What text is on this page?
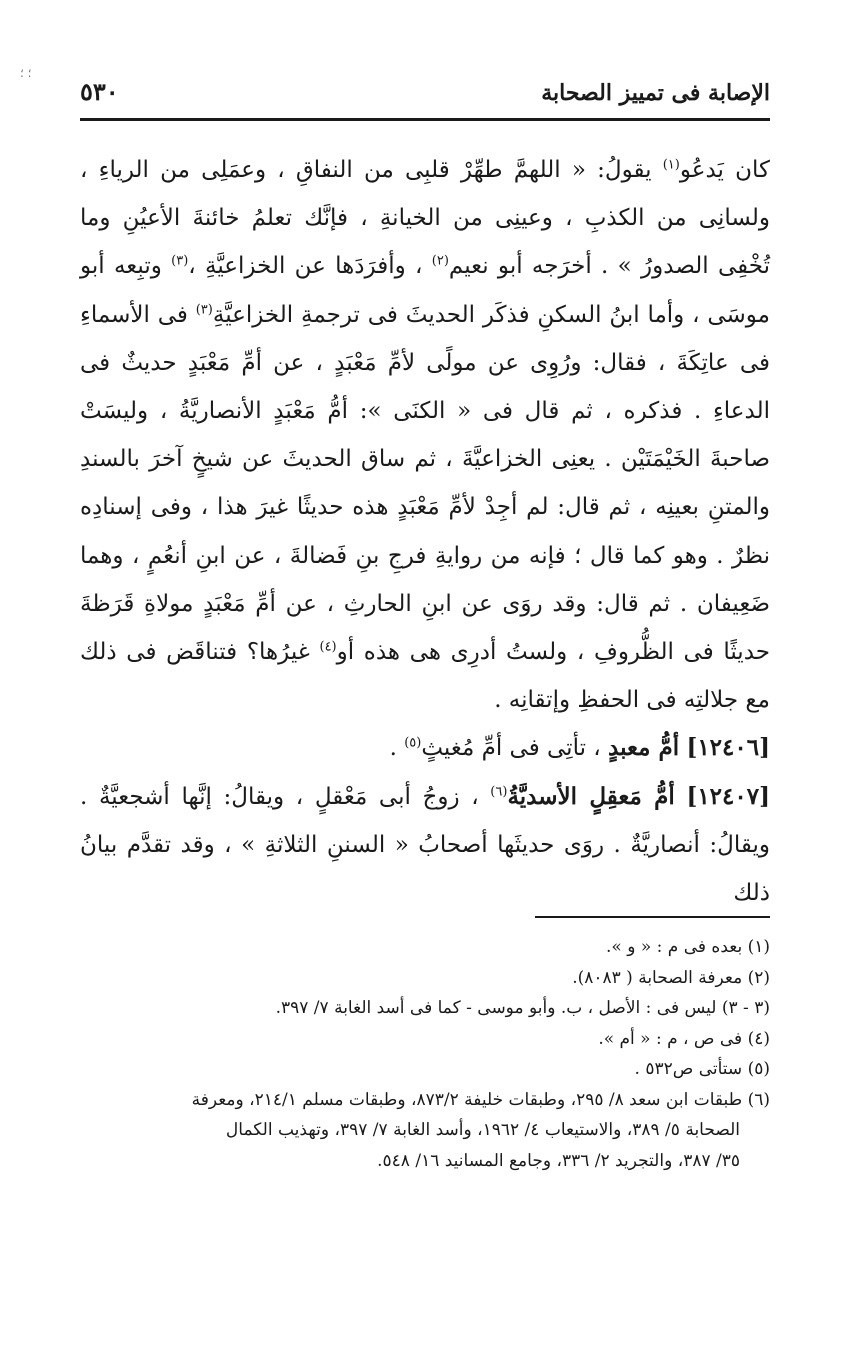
؛ ؛
الإصابة فى تمييز الصحابة
٥٣٠

كان يَدعُو$^{(١)}$ يقولُ: « اللهمَّ طهِّرْ قلبِى من النفاقِ ، وعمَلِى من الرياءِ ، ولسانِى من الكذبِ ، وعينِى من الخيانةِ ، فإنَّك تعلمُ خائنةَ الأعيُنِ وما تُخْفِى الصدورُ » . أخرَجه أبو نعيم$^{(٢)}$ ، وأفرَدَها عن الخزاعيَّةِ ،$^{(٣)}$ وتبِعه أبو موسَى ، وأما ابنُ السكنِ فذكَر الحديثَ فى ترجمةِ الخزاعيَّةِ$^{(٣)}$ فى الأسماءِ فى عاتِكَةَ ، فقال: ورُوِى عن مولًى لأمِّ مَعْبَدٍ ، عن أمِّ مَعْبَدٍ حديثٌ فى الدعاءِ . فذكره ، ثم قال فى « الكنَى »: أمُّ مَعْبَدٍ الأنصاريَّةُ ، وليسَتْ صاحبةَ الخَيْمَتَيْن . يعنِى الخزاعيَّةَ ، ثم ساق الحديثَ عن شيخٍ آخرَ بالسندِ والمتنِ بعينِه ، ثم قال: لم أجِدْ لأمِّ مَعْبَدٍ هذه حديثًا غيرَ هذا ، وفى إسنادِه نظرٌ . وهو كما قال ؛ فإنه من روايةِ فرجِ بنِ فَضالةَ ، عن ابنِ أنعُمٍ ، وهما ضَعِيفان . ثم قال: وقد روَى عن ابنِ الحارثِ ، عن أمِّ مَعْبَدٍ مولاةِ قَرَظةَ حديثًا فى الظُّروفِ ، ولستُ أدرِى هى هذه أو$^{(٤)}$ غيرُها؟ فتناقَض فى ذلك مع جلالتِه فى الحفظِ وإتقانِه .

[١٢٤٠٦] أمُّ معبدٍ ، تأتِى فى أمِّ مُغيثٍ$^{(٥)}$ .

[١٢٤٠٧] أمُّ مَعقِلٍ الأسديَّةُ$^{(٦)}$ ، زوجُ أبى مَعْقلٍ ، ويقالُ: إنَّها أشجعيَّةٌ . ويقالُ: أنصاريَّةٌ . روَى حديثَها أصحابُ « السننِ الثلاثةِ » ، وقد تقدَّم بيانُ ذلك

(١) بعده فى م : « و ».

(٢) معرفة الصحابة ( ٨٠٨٣).

(٣ - ٣) ليس فى : الأصل ، ب. وأبو موسى - كما فى أسد الغابة ٧/ ٣٩٧.

(٤) فى ص ، م : « أم ».

(٥) ستأتى ص٥٣٢ .

(٦) طبقات ابن سعد ٨/ ٢٩٥، وطبقات خليفة ٨٧٣/٢، وطبقات مسلم ٢١٤/١، ومعرفة

الصحابة ٥/ ٣٨٩، والاستيعاب ٤/ ١٩٦٢، وأسد الغابة ٧/ ٣٩٧، وتهذيب الكمال

٣٥/ ٣٨٧، والتجريد ٢/ ٣٣٦، وجامع المسانيد ١٦/ ٥٤٨.
